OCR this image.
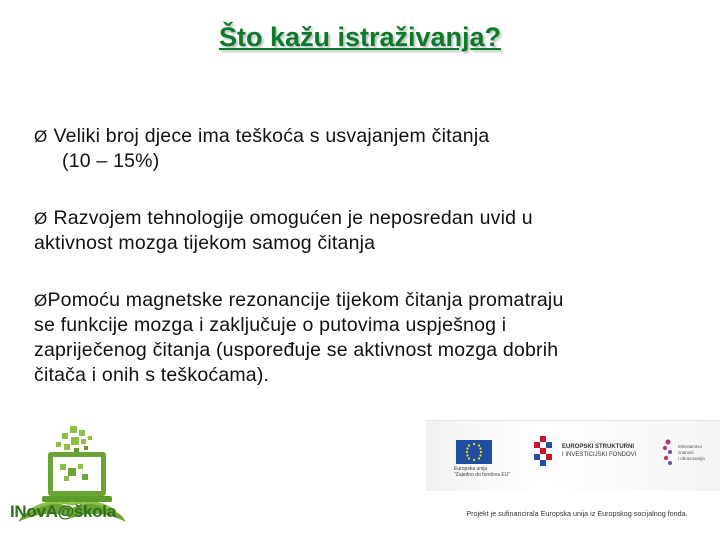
Što kažu istraživanja?
Ø Veliki broj djece ima teškoća s usvajanjem čitanja
(10 – 15%)
Ø Razvojem tehnologije omogućen je neposredan uvid u
aktivnost mozga tijekom samog čitanja
ØPomoću magnetske rezonancije tijekom čitanja promatraju
se funkcije mozga i zaključuje o putovima uspješnog i
zapriječenog čitanja (uspoređuje se aktivnost mozga dobrih
čitača i onih s teškoćama).
INovA@škola
Europska unija
"Zajedno do fondova EU"
EUROPSKI STRUKTURNI
I INVESTICIJSKI FONDOVI
Ministarstvo
znanosi
i obrazovanja
Projekt je sufinancirala Europska unija iz Europskog socijalnog fonda.
